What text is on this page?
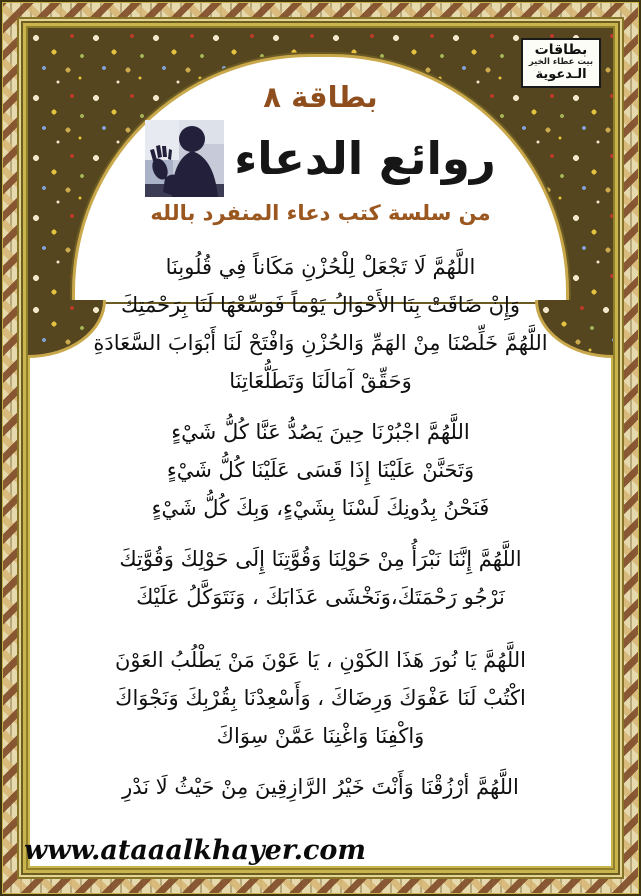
بطاقات
بيت عطاء الخير
الـدعوية
بطاقة ٨
روائع الدعاء
من سلسة كتب دعاء المنفرد بالله
اللَّهُمَّ لَا تَجْعَلْ لِلْحُزْنِ مَكَاناً فِي قُلُوبِنَا
وَإِنْ ضَاقَتْ بِنَا الأَحْوَالُ يَوْماً فَوَسِّعْهَا لَنَا بِرَحْمَتِكَ
اللَّهُمَّ خَلِّصْنَا مِنْ الهَمِّ وَالحُزْنِ وَافْتَحْ لَنَا أَبْوَابَ السَّعَادَةِ
وَحَقِّقْ آمَالَنَا وَتَطَلُّعَاتِنَا
اللَّهُمَّ اجْبُرْنَا حِينَ يَصُدُّ عَنَّا كُلُّ شَيْءٍ
وَتَحَنَّنْ عَلَيْنَا إِذَا قَسَى عَلَيْنَا كُلُّ شَيْءٍ
فَنَحْنُ بِدُونِكَ لَسْنَا بِشَيْءٍ، وَبِكَ كُلُّ شَيْءٍ
اللَّهُمَّ إِنَّنَا نَبْرَأُ مِنْ حَوْلِنَا وَقُوَّتِنَا إِلَى حَوْلِكَ وَقُوَّتِكَ
نَرْجُو رَحْمَتَكَ،وَنَخْشَى عَذَابَكَ ، وَنَتَوَكَّلُ عَلَيْكَ
اللَّهُمَّ يَا نُورَ هَذَا الكَوْنِ ، يَا عَوْنَ مَنْ يَطْلُبُ العَوْنَ
اكْتُبْ لَنَا عَفْوَكَ وَرِضَاكَ ، وَأَسْعِدْنَا بِقُرْبِكَ وَنَجْوَاكَ
وَاكْفِنَا وَاغْنِنَا عَمَّنْ سِوَاكَ
اللَّهُمَّ أرْزُقْنَا وَأَنْتَ خَيْرُ الرَّازِقِينَ مِنْ حَيْثُ لَا نَدْرِ
www.ataaalkhayer.com
